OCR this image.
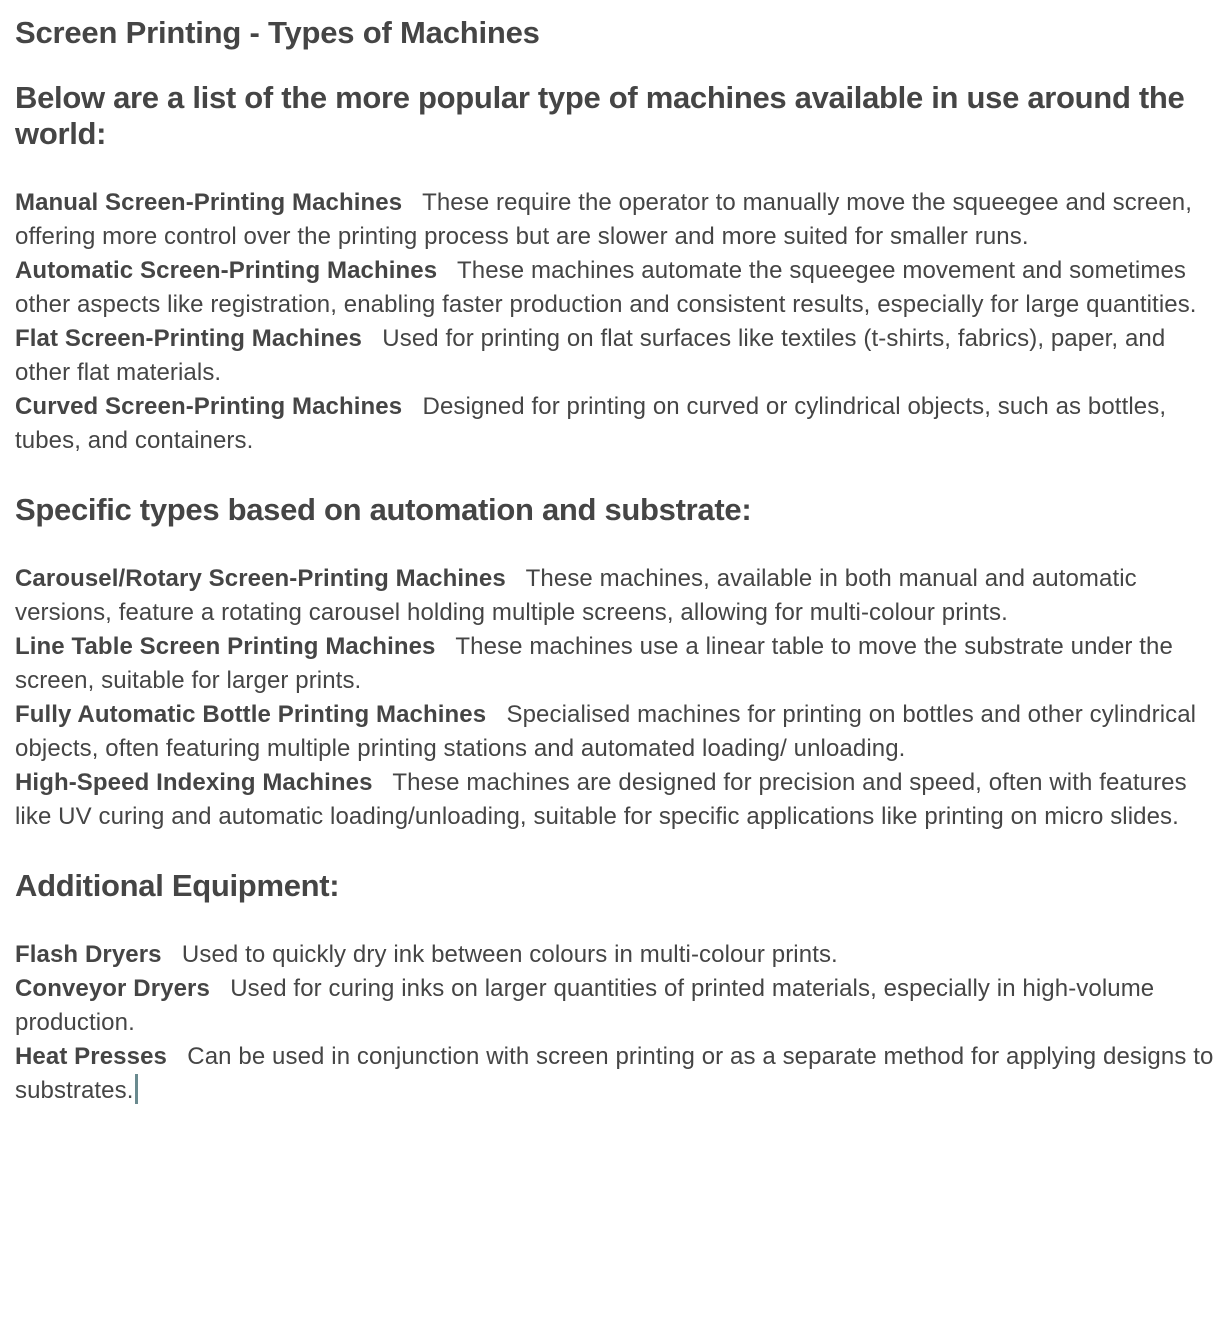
Screen Printing - Types of Machines
Below are a list of the more popular type of machines available in use around the world:

Manual Screen-Printing Machines These require the operator to manually move the squeegee and screen, offering more control over the printing process but are slower and more suited for smaller runs.

Automatic Screen-Printing Machines These machines automate the squeegee movement and sometimes other aspects like registration, enabling faster production and consistent results, especially for large quantities.

Flat Screen-Printing Machines Used for printing on flat surfaces like textiles (t-shirts, fabrics), paper, and other flat materials.

Curved Screen-Printing Machines Designed for printing on curved or cylindrical objects, such as bottles, tubes, and containers.

Specific types based on automation and substrate:

Carousel/Rotary Screen-Printing Machines These machines, available in both manual and automatic versions, feature a rotating carousel holding multiple screens, allowing for multi-colour prints.

Line Table Screen Printing Machines These machines use a linear table to move the substrate under the screen, suitable for larger prints.

Fully Automatic Bottle Printing Machines Specialised machines for printing on bottles and other cylindrical objects, often featuring multiple printing stations and automated loading/ unloading.

High-Speed Indexing Machines These machines are designed for precision and speed, often with features like UV curing and automatic loading/unloading, suitable for specific applications like printing on micro slides.

Additional Equipment:

Flash Dryers Used to quickly dry ink between colours in multi-colour prints.

Conveyor Dryers Used for curing inks on larger quantities of printed materials, especially in high-volume production.

Heat Presses Can be used in conjunction with screen printing or as a separate method for applying designs to substrates.
